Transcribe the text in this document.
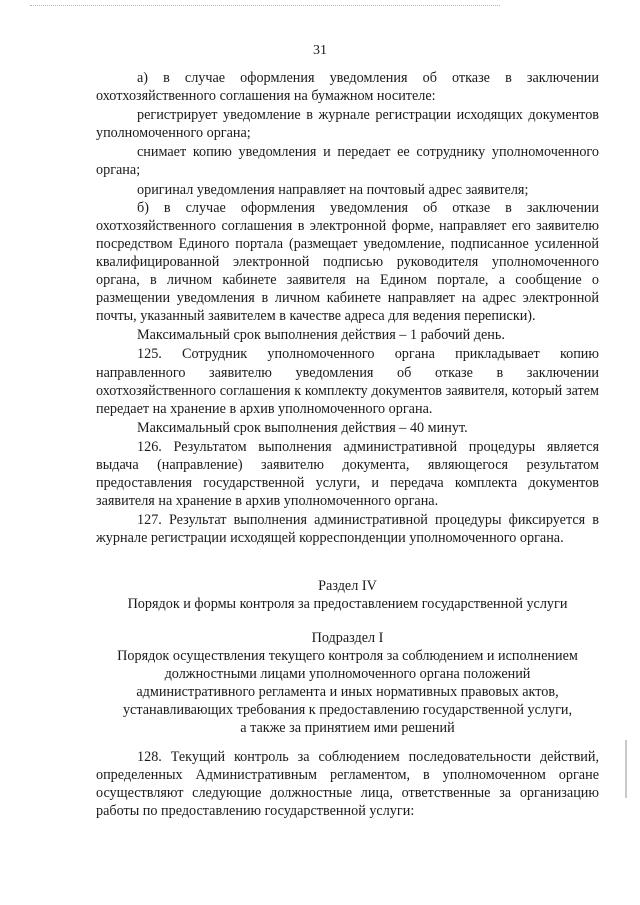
31

а) в случае оформления уведомления об отказе в заключении охотхозяйственного соглашения на бумажном носителе:

регистрирует уведомление в журнале регистрации исходящих документов уполномоченного органа;

снимает копию уведомления и передает ее сотруднику уполномоченного органа;

оригинал уведомления направляет на почтовый адрес заявителя;

б) в случае оформления уведомления об отказе в заключении охотхозяйственного соглашения в электронной форме, направляет его заявителю посредством Единого портала (размещает уведомление, подписанное усиленной квалифицированной электронной подписью руководителя уполномоченного органа, в личном кабинете заявителя на Едином портале, а сообщение о размещении уведомления в личном кабинете направляет на адрес электронной почты, указанный заявителем в качестве адреса для ведения переписки).

Максимальный срок выполнения действия – 1 рабочий день.

125. Сотрудник уполномоченного органа прикладывает копию направленного заявителю уведомления об отказе в заключении охотхозяйственного соглашения к комплекту документов заявителя, который затем передает на хранение в архив уполномоченного органа.

Максимальный срок выполнения действия – 40 минут.

126. Результатом выполнения административной процедуры является выдача (направление) заявителю документа, являющегося результатом предоставления государственной услуги, и передача комплекта документов заявителя на хранение в архив уполномоченного органа.

127. Результат выполнения административной процедуры фиксируется в журнале регистрации исходящей корреспонденции уполномоченного органа.

Раздел IV
Порядок и формы контроля за предоставлением государственной услуги
Подраздел I
Порядок осуществления текущего контроля за соблюдением и исполнением
должностными лицами уполномоченного органа положений
административного регламента и иных нормативных правовых актов,
устанавливающих требования к предоставлению государственной услуги,
а также за принятием ими решений

128. Текущий контроль за соблюдением последовательности действий, определенных Административным регламентом, в уполномоченном органе осуществляют следующие должностные лица, ответственные за организацию работы по предоставлению государственной услуги:
